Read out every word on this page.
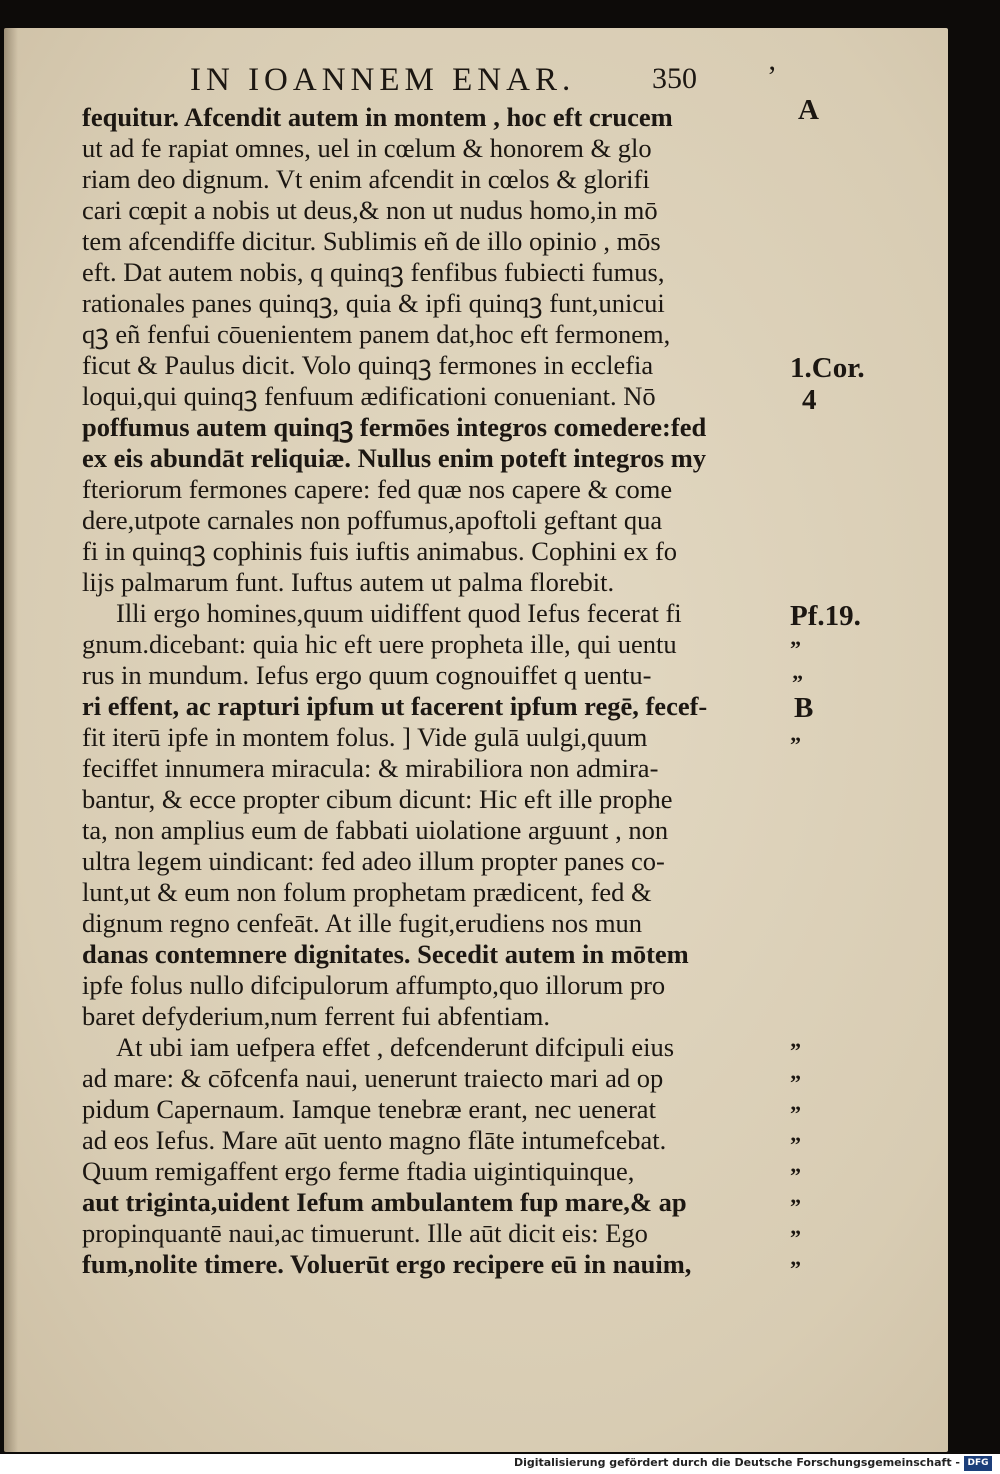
IN IOANNEM ENAR.	350 ’
fequitur. Afcendit autem in montem , hoc eft crucem
ut ad fe rapiat omnes, uel in cœlum & honorem & glo
riam deo dignum. Vt enim afcendit in cœlos & glorifi
cari cœpit a nobis ut deus,& non ut nudus homo,in mō
tem afcendiffe dicitur. Sublimis eñ de illo opinio , mōs
eft. Dat autem nobis, q quinqꝫ fenfibus fubiecti fumus,
rationales panes quinqꝫ, quia & ipfi quinqꝫ funt,unicui
qꝫ eñ fenfui cōuenientem panem dat,hoc eft fermonem,
ficut & Paulus dicit. Volo quinqꝫ fermones in ecclefia
loqui,qui quinqꝫ fenfuum ædificationi conueniant. Nō
poffumus autem quinqꝫ fermōes integros comedere:fed
ex eis abundāt reliquiæ. Nullus enim poteft integros my
fteriorum fermones capere: fed quæ nos capere & come
dere,utpote carnales non poffumus,apoftoli geftant qua
fi in quinqꝫ cophinis fuis iuftis animabus. Cophini ex fo
lijs palmarum funt. Iuftus autem ut palma florebit.
Illi ergo homines,quum uidiffent quod Iefus fecerat fi
gnum.dicebant: quia hic eft uere propheta ille, qui uentu
rus in mundum. Iefus ergo quum cognouiffet q uentu-
ri effent, ac rapturi ipfum ut facerent ipfum regē, fecef-
fit iterū ipfe in montem folus. ] Vide gulā uulgi,quum
feciffet innumera miracula: & mirabiliora non admira-
bantur, & ecce propter cibum dicunt: Hic eft ille prophe
ta, non amplius eum de fabbati uiolatione arguunt , non
ultra legem uindicant: fed adeo illum propter panes co-
lunt,ut & eum non folum prophetam prædicent, fed &
dignum regno cenfeāt. At ille fugit,erudiens nos mun
danas contemnere dignitates. Secedit autem in mōtem
ipfe folus nullo difcipulorum affumpto,quo illorum pro
baret defyderium,num ferrent fui abfentiam.
At ubi iam uefpera effet , defcenderunt difcipuli eius
ad mare: & cōfcenfa naui, uenerunt traiecto mari ad op
pidum Capernaum. Iamque tenebræ erant, nec uenerat
ad eos Iefus. Mare aūt uento magno flāte intumefcebat.
Quum remigaffent ergo ferme ftadia uigintiquinque,
aut triginta,uident Iefum ambulantem fup mare,& ap
propinquantē naui,ac timuerunt. Ille aūt dicit eis: Ego
fum,nolite timere. Voluerūt ergo recipere eū in nauim,
A
1.Cor.
4
Pf.19.
B
”
”
”
”
”
”
”
”
”
”
”
Digitalisierung gefördert durch die Deutsche Forschungsgemeinschaft - DFG
